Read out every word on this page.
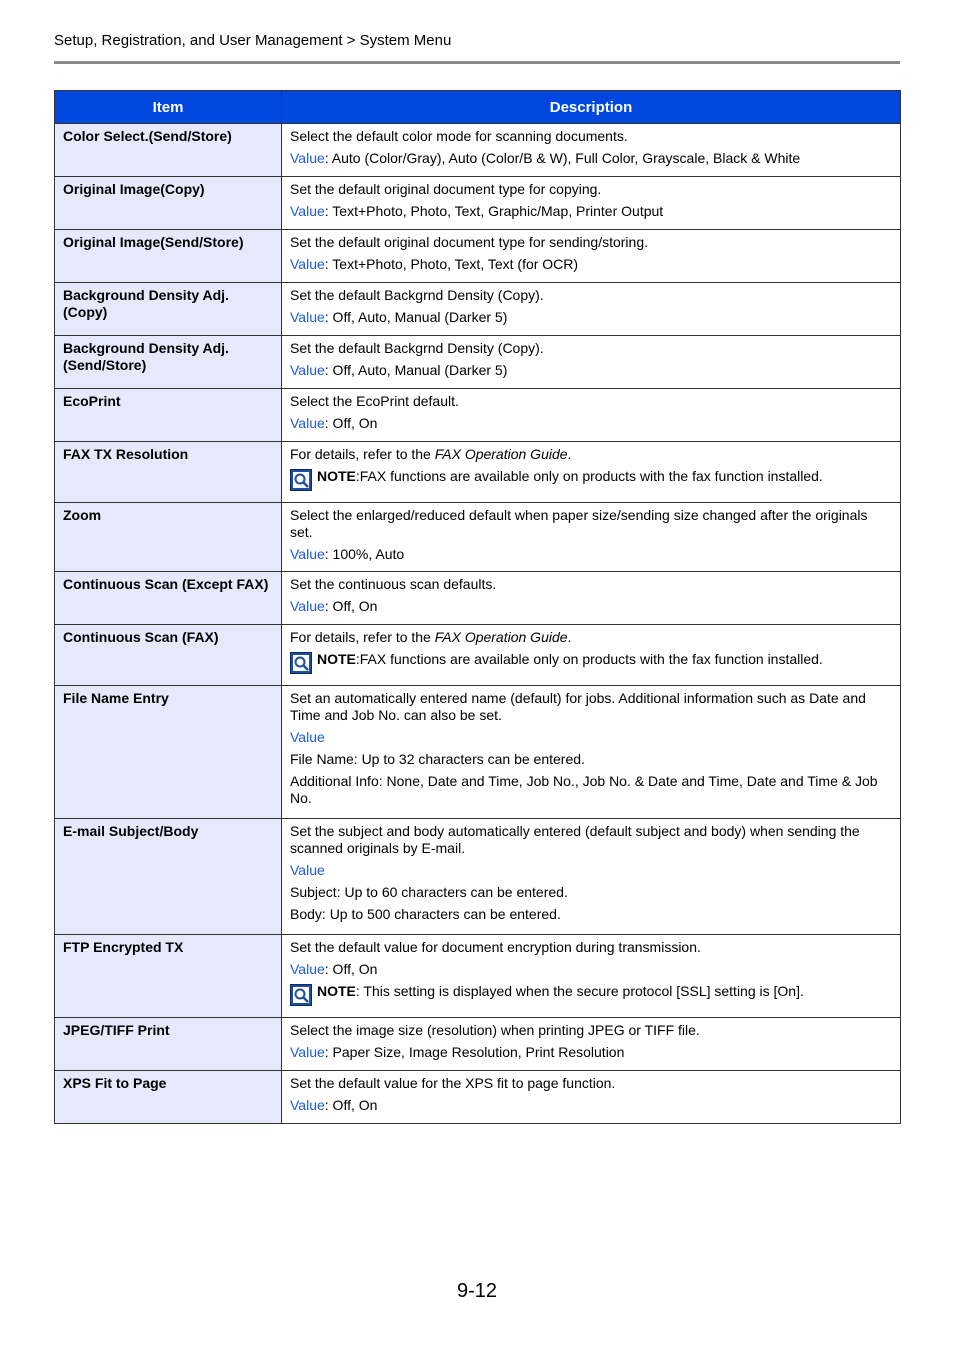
Setup, Registration, and User Management > System Menu
Item	Description
Color Select.(Send/Store)	Select the default color mode for scanning documents.

Value: Auto (Color/Gray), Auto (Color/B & W), Full Color, Grayscale, Black & White

Original Image(Copy)	Set the default original document type for copying.

Value: Text+Photo, Photo, Text, Graphic/Map, Printer Output

Original Image(Send/Store)	Set the default original document type for sending/storing.

Value: Text+Photo, Photo, Text, Text (for OCR)

Background Density Adj. (Copy)	Set the default Backgrnd Density (Copy).

Value: Off, Auto, Manual (Darker 5)

Background Density Adj. (Send/Store)	Set the default Backgrnd Density (Copy).

Value: Off, Auto, Manual (Darker 5)

EcoPrint	Select the EcoPrint default.

Value: Off, On

FAX TX Resolution	For details, refer to the FAX Operation Guide.

NOTE:FAX functions are available only on products with the fax function installed.

Zoom	Select the enlarged/reduced default when paper size/sending size changed after the originals set.

Value: 100%, Auto

Continuous Scan (Except FAX)	Set the continuous scan defaults.

Value: Off, On

Continuous Scan (FAX)	For details, refer to the FAX Operation Guide.

NOTE:FAX functions are available only on products with the fax function installed.

File Name Entry	Set an automatically entered name (default) for jobs. Additional information such as Date and Time and Job No. can also be set.

Value

File Name: Up to 32 characters can be entered.

Additional Info: None, Date and Time, Job No., Job No. & Date and Time, Date and Time & Job No.

E-mail Subject/Body	Set the subject and body automatically entered (default subject and body) when sending the scanned originals by E-mail.

Value

Subject: Up to 60 characters can be entered.

Body: Up to 500 characters can be entered.

FTP Encrypted TX	Set the default value for document encryption during transmission.

Value: Off, On

NOTE: This setting is displayed when the secure protocol [SSL] setting is [On].

JPEG/TIFF Print	Select the image size (resolution) when printing JPEG or TIFF file.

Value: Paper Size, Image Resolution, Print Resolution

XPS Fit to Page	Set the default value for the XPS fit to page function.

Value: Off, On

9-12
